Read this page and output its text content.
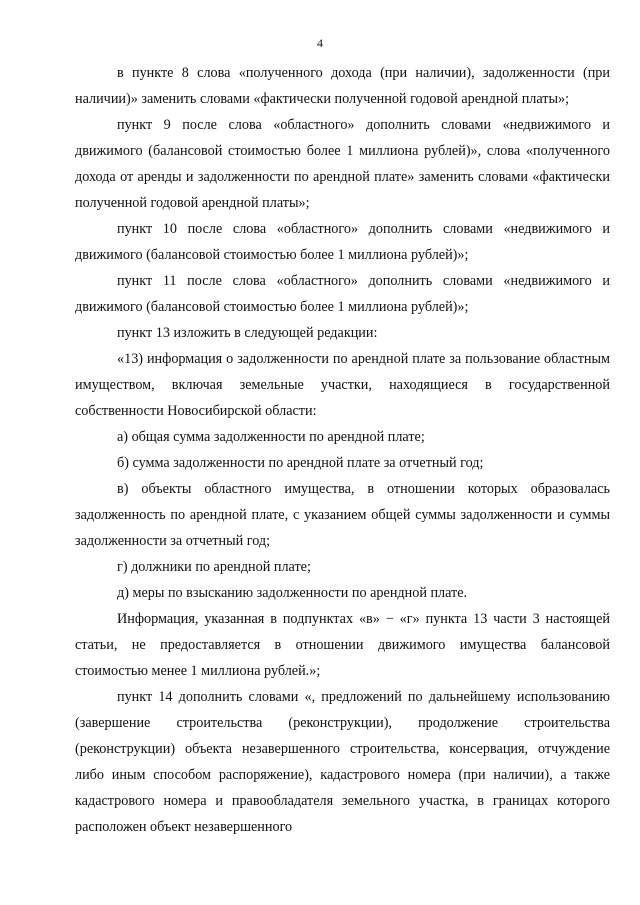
4

в пункте 8 слова «полученного дохода (при наличии), задолженности (при наличии)» заменить словами «фактически полученной годовой арендной платы»;

пункт 9 после слова «областного» дополнить словами «недвижимого и движимого (балансовой стоимостью более 1 миллиона рублей)», слова «полученного дохода от аренды и задолженности по арендной плате» заменить словами «фактически полученной годовой арендной платы»;

пункт 10 после слова «областного» дополнить словами «недвижимого и движимого (балансовой стоимостью более 1 миллиона рублей)»;

пункт 11 после слова «областного» дополнить словами «недвижимого и движимого (балансовой стоимостью более 1 миллиона рублей)»;

пункт 13 изложить в следующей редакции:

«13) информация о задолженности по арендной плате за пользование областным имуществом, включая земельные участки, находящиеся в государственной собственности Новосибирской области:

а) общая сумма задолженности по арендной плате;

б) сумма задолженности по арендной плате за отчетный год;

в) объекты областного имущества, в отношении которых образовалась задолженность по арендной плате, с указанием общей суммы задолженности и суммы задолженности за отчетный год;

г) должники по арендной плате;

д) меры по взысканию задолженности по арендной плате.

Информация, указанная в подпунктах «в» − «г» пункта 13 части 3 настоящей статьи, не предоставляется в отношении движимого имущества балансовой стоимостью менее 1 миллиона рублей.»;

пункт 14 дополнить словами «, предложений по дальнейшему использованию (завершение строительства (реконструкции), продолжение строительства (реконструкции) объекта незавершенного строительства, консервация, отчуждение либо иным способом распоряжение), кадастрового номера (при наличии), а также кадастрового номера и правообладателя земельного участка, в границах которого расположен объект незавершенного
